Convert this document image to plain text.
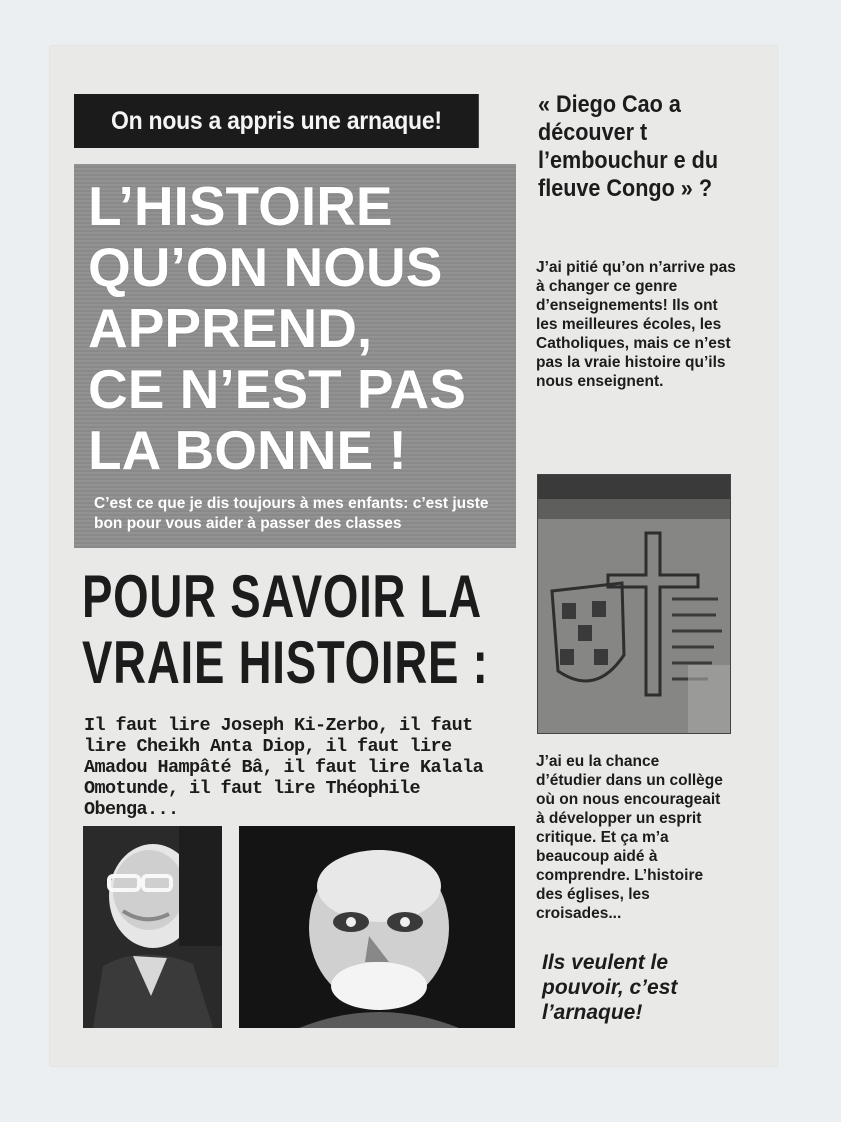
On nous a appris une arnaque!
L’HISTOIRE
QU’ON NOUS
APPREND,
CE N’EST PAS
LA BONNE !

C’est ce que je dis toujours à mes enfants: c’est juste bon pour vous aider à passer des classes

POUR SAVOIR LA
VRAIE HISTOIRE :

Il faut lire Joseph Ki-Zerbo, il faut lire Cheikh Anta Diop, il faut lire Amadou Hampâté Bâ, il faut lire Kalala Omotunde, il faut lire Théophile Obenga...

« Diego Cao a découver t l’embouchur e du fleuve Congo » ?

J’ai pitié qu’on n’arrive pas à changer ce genre d’enseignements! Ils ont les meilleures écoles, les Catholiques, mais ce n’est pas la vraie histoire qu’ils nous enseignent.

J’ai eu la chance d’étudier dans un collège où on nous encourageait à développer un esprit critique. Et ça m’a beaucoup aidé à comprendre. L’histoire des églises, les croisades...

Ils veulent le pouvoir, c’est l’arnaque!
